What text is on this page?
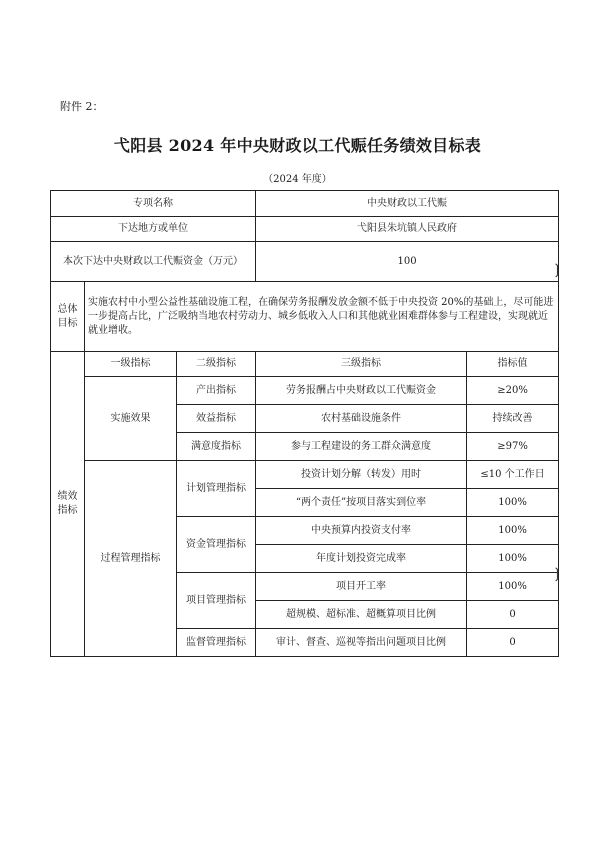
附件 2：
弋阳县 2024 年中央财政以工代赈任务绩效目标表
（2024 年度）
专项名称			中央财政以工代赈	
下达地方或单位			弋阳县朱坑镇人民政府	
本次下达中央财政以工代赈资金（万元）			100	
总体目标	实施农村中小型公益性基础设施工程，在确保劳务报酬发放金额不低于中央投资 20%的基础上，尽可能进一步提高占比，广泛吸纳当地农村劳动力、城乡低收入人口和其他就业困难群体参与工程建设，实现就近就业增收。			
绩效指标	一级指标	二级指标	三级指标	指标值
	实施效果	产出指标	劳务报酬占中央财政以工代赈资金	≥20%
		效益指标	农村基础设施条件	持续改善
		满意度指标	参与工程建设的务工群众满意度	≥97%
	过程管理指标	计划管理指标	投资计划分解（转发）用时	≤10 个工作日
			“两个责任”按项目落实到位率	100%
		资金管理指标	中央预算内投资支付率	100%
			年度计划投资完成率	100%
		项目管理指标	项目开工率	100%
			超规模、超标准、超概算项目比例	0
		监督管理指标	审计、督查、巡视等指出问题项目比例	0
❳
❳
